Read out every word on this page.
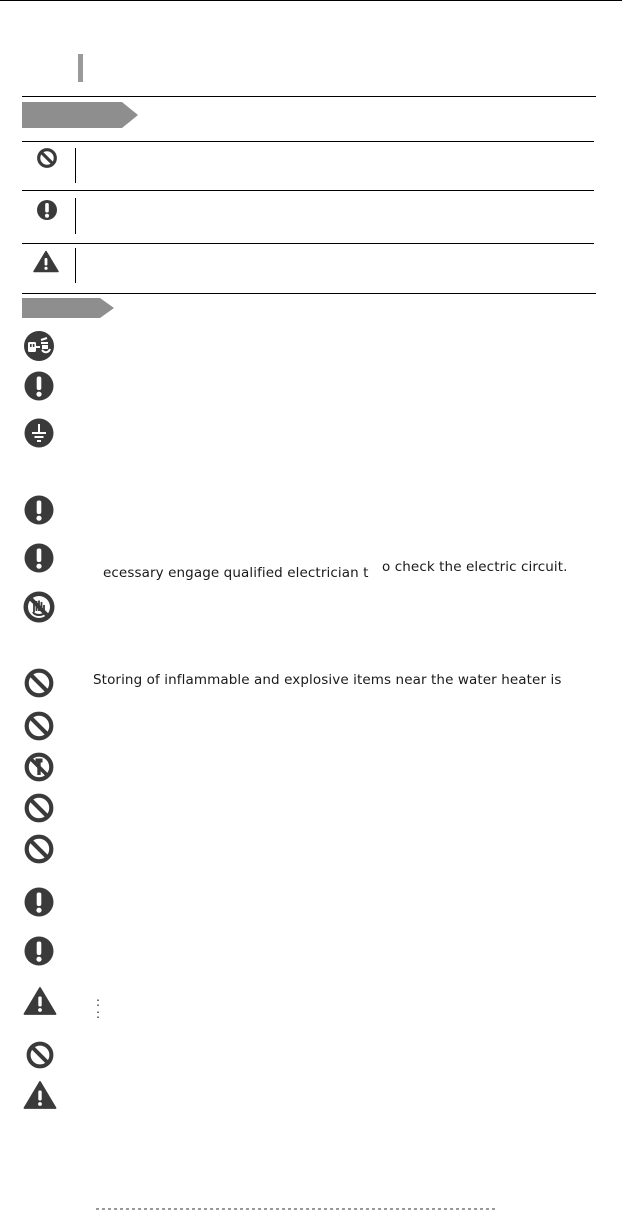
ecessary engage qualified electrician t o check the electric circuit.
Storing of inflammable and explosive items near the water heater is
:
:
